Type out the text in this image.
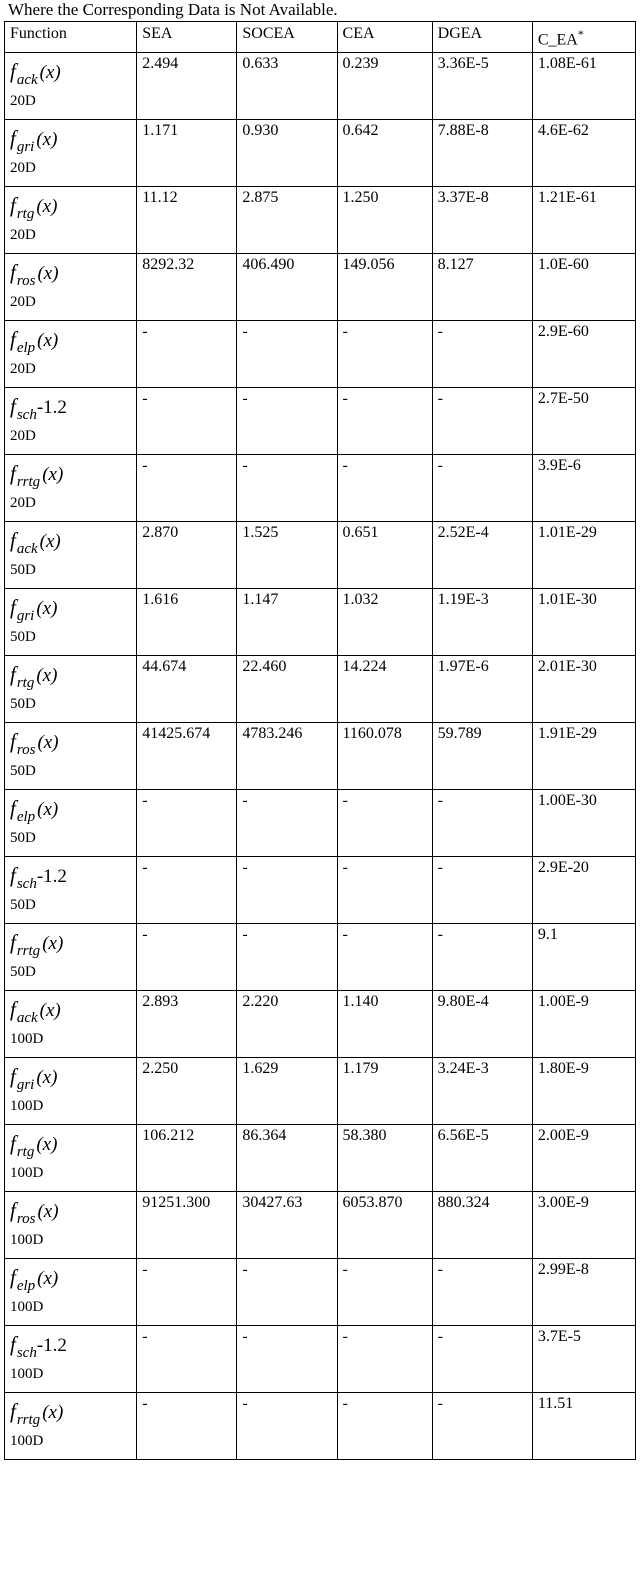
Where the Corresponding Data is Not Available.
Function	SEA	SOCEA	CEA	DGEA	C_EA*

fack (x)
20D	2.494	0.633	0.239	3.36E-5	1.08E-61

fgri (x)
20D	1.171	0.930	0.642	7.88E-8	4.6E-62

frtg (x)
20D	11.12	2.875	1.250	3.37E-8	1.21E-61

fros (x)
20D	8292.32	406.490	149.056	8.127	1.0E-60

felp (x)
20D	-	-	-	-	2.9E-60

fsch-1.2
20D	-	-	-	-	2.7E-50

frrtg (x)
20D	-	-	-	-	3.9E-6

fack (x)
50D	2.870	1.525	0.651	2.52E-4	1.01E-29

fgri (x)
50D	1.616	1.147	1.032	1.19E-3	1.01E-30

frtg (x)
50D	44.674	22.460	14.224	1.97E-6	2.01E-30

fros (x)
50D	41425.674	4783.246	1160.078	59.789	1.91E-29

felp (x)
50D	-	-	-	-	1.00E-30

fsch-1.2
50D	-	-	-	-	2.9E-20

frrtg (x)
50D	-	-	-	-	9.1

fack (x)
100D	2.893	2.220	1.140	9.80E-4	1.00E-9

fgri (x)
100D	2.250	1.629	1.179	3.24E-3	1.80E-9

frtg (x)
100D	106.212	86.364	58.380	6.56E-5	2.00E-9

fros (x)
100D	91251.300	30427.63	6053.870	880.324	3.00E-9

felp (x)
100D	-	-	-	-	2.99E-8

fsch-1.2
100D	-	-	-	-	3.7E-5

frrtg (x)
100D	-	-	-	-	11.51
